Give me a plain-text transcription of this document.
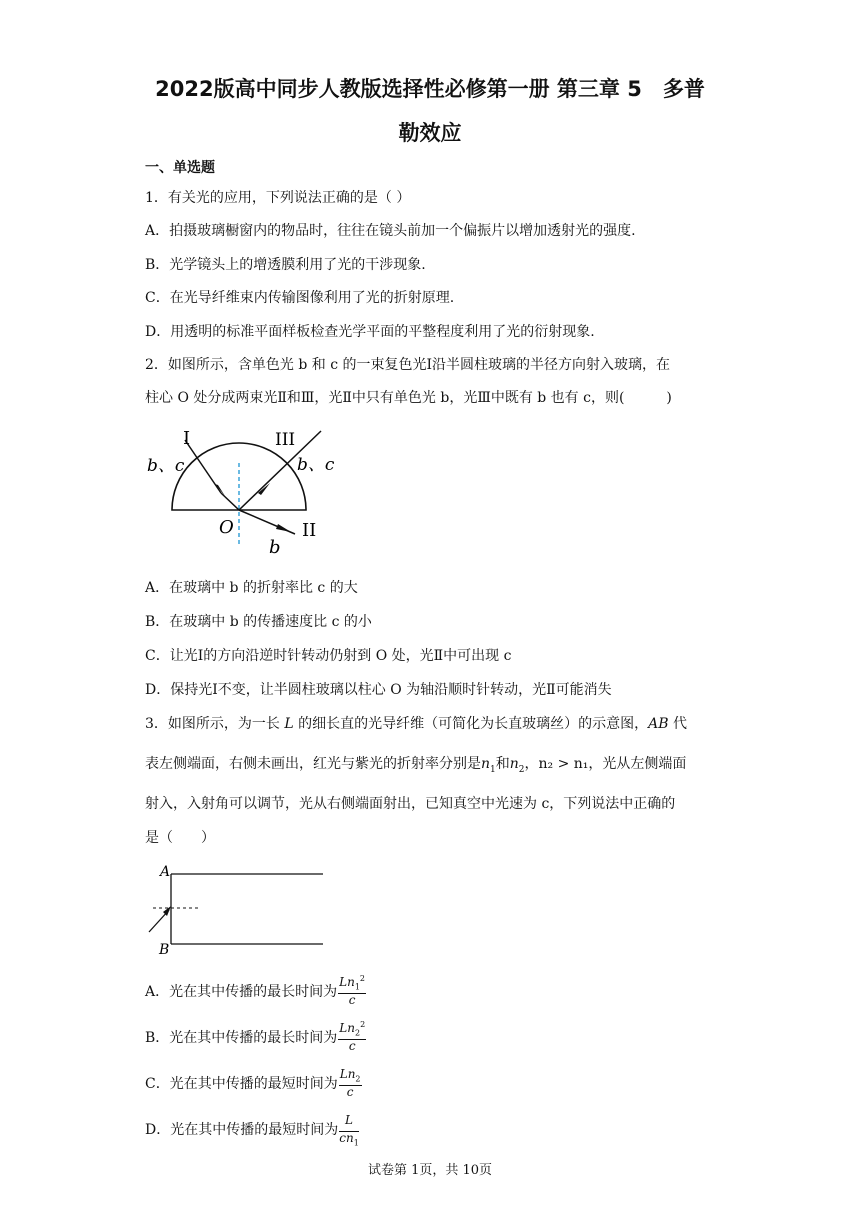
2022版高中同步人教版选择性必修第一册 第三章 5　多普
勒效应
一、单选题
1．有关光的应用，下列说法正确的是（ ）
A．拍摄玻璃橱窗内的物品时，往往在镜头前加一个偏振片以增加透射光的强度.
B．光学镜头上的增透膜利用了光的干涉现象.
C．在光导纤维束内传输图像利用了光的折射原理.
D．用透明的标准平面样板检查光学平面的平整程度利用了光的衍射现象.
2．如图所示，含单色光 b 和 c 的一束复色光Ⅰ沿半圆柱玻璃的半径方向射入玻璃，在
柱心 O 处分成两束光Ⅱ和Ⅲ，光Ⅱ中只有单色光 b，光Ⅲ中既有 b 也有 c，则(　　　)
I	III
b、c	b、c
O	II
b
A．在玻璃中 b 的折射率比 c 的大
B．在玻璃中 b 的传播速度比 c 的小
C．让光Ⅰ的方向沿逆时针转动仍射到 O 处，光Ⅱ中可出现 c
D．保持光Ⅰ不变，让半圆柱玻璃以柱心 O 为轴沿顺时针转动，光Ⅱ可能消失
3．如图所示，为一长 L 的细长直的光导纤维（可简化为长直玻璃丝）的示意图，AB 代
表左侧端面，右侧未画出，红光与紫光的折射率分别是$n_1$和$n_2$，n₂ > n₁，光从左侧端面
射入，入射角可以调节，光从右侧端面射出，已知真空中光速为 c，下列说法中正确的
是（　　）
A
B
A．光在其中传播的最长时间为 $\frac{Ln_1^2}{c}$
B．光在其中传播的最长时间为 $\frac{Ln_2^2}{c}$
C．光在其中传播的最短时间为 $\frac{Ln_2}{c}$
D．光在其中传播的最短时间为 $\frac{L}{cn_1}$
试卷第 1页，共 10页
